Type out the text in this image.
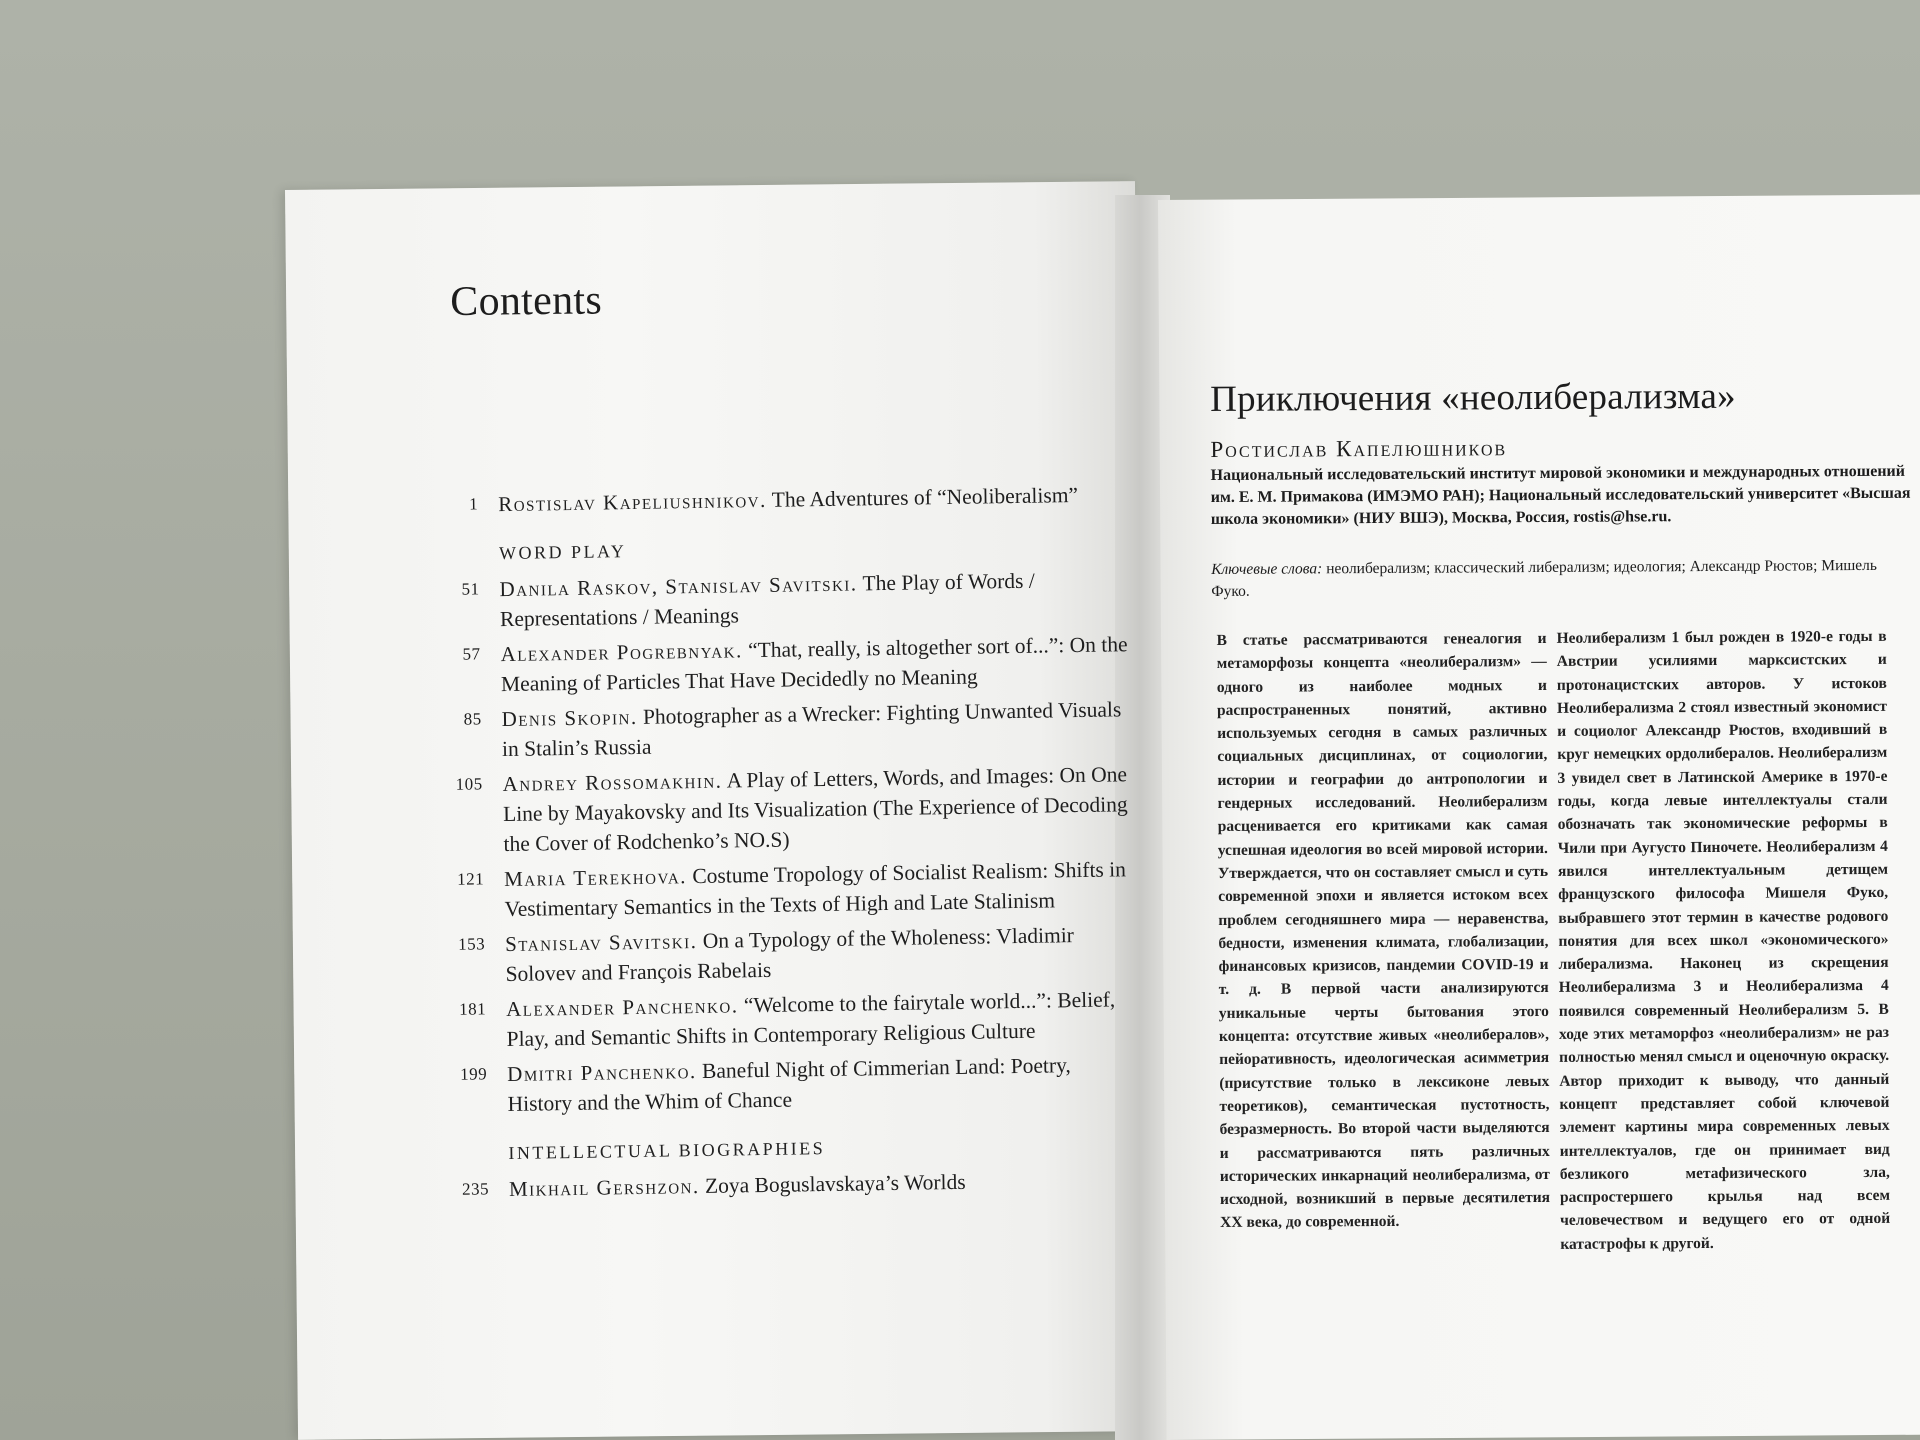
Contents
1 Rostislav Kapeliushnikov. The Adventures of “Neoliberalism”
WORD PLAY
51 Danila Raskov, Stanislav Savitski. The Play of Words / Representations / Meanings
57 Alexander Pogrebnyak. “That, really, is altogether sort of...”: On the Meaning of Particles That Have Decidedly no Meaning
85 Denis Skopin. Photographer as a Wrecker: Fighting Unwanted Visuals in Stalin’s Russia
105 Andrey Rossomakhin. A Play of Letters, Words, and Images: On One Line by Mayakovsky and Its Visualization (The Experience of Decoding the Cover of Rodchenko’s NO.S)
121 Maria Terekhova. Costume Tropology of Socialist Realism: Shifts in Vestimentary Semantics in the Texts of High and Late Stalinism
153 Stanislav Savitski. On a Typology of the Wholeness: Vladimir Solovev and François Rabelais
181 Alexander Panchenko. “Welcome to the fairytale world...”: Belief, Play, and Semantic Shifts in Contemporary Religious Culture
199 Dmitri Panchenko. Baneful Night of Cimmerian Land: Poetry, History and the Whim of Chance
INTELLECTUAL BIOGRAPHIES
235 Mikhail Gershzon. Zoya Boguslavskaya’s Worlds
Приключения «неолиберализма»
Ростислав Капелюшников
Национальный исследовательский институт мировой экономики и международных отношений им. Е. М. Примакова (ИМЭМО РАН); Национальный исследовательский университет «Высшая школа экономики» (НИУ ВШЭ), Москва, Россия, rostis@hse.ru.
Ключевые слова: неолиберализм; классический либерализм; идеология; Александр Рюстов; Мишель Фуко.
В статье рассматриваются генеалогия и метаморфозы концепта «неолиберализм» — одного из наиболее модных и распространенных понятий, активно используемых сегодня в самых различных социальных дисциплинах, от социологии, истории и географии до антропологии и гендерных исследований. Неолиберализм расценивается его критиками как самая успешная идеология во всей мировой истории. Утверждается, что он составляет смысл и суть современной эпохи и является истоком всех проблем сегодняшнего мира — неравенства, бедности, изменения климата, глобализации, финансовых кризисов, пандемии COVID-19 и т. д. В первой части анализируются уникальные черты бытования этого концепта: отсутствие живых «неолибералов», пейоративность, идеологическая асимметрия (присутствие только в лексиконе левых теоретиков), семантическая пустотность, безразмерность. Во второй части выделяются и рассматриваются пять различных исторических инкарнаций неолиберализма, от исходной, возникший в первые десятилетия XX века, до современной.
Неолиберализм 1 был рожден в 1920-е годы в Австрии усилиями марксистских и протонацистских авторов. У истоков Неолиберализма 2 стоял известный экономист и социолог Александр Рюстов, входивший в круг немецких ордолибералов. Неолиберализм 3 увидел свет в Латинской Америке в 1970-е годы, когда левые интеллектуалы стали обозначать так экономические реформы в Чили при Аугусто Пиночете. Неолиберализм 4 явился интеллектуальным детищем французского философа Мишеля Фуко, выбравшего этот термин в качестве родового понятия для всех школ «экономического» либерализма. Наконец из скрещения Неолиберализма 3 и Неолиберализма 4 появился современный Неолиберализм 5. В ходе этих метаморфоз «неолиберализм» не раз полностью менял смысл и оценочную окраску. Автор приходит к выводу, что данный концепт представляет собой ключевой элемент картины мира современных левых интеллектуалов, где он принимает вид безликого метафизического зла, распростершего крылья над всем человечеством и ведущего его от одной катастрофы к другой.
